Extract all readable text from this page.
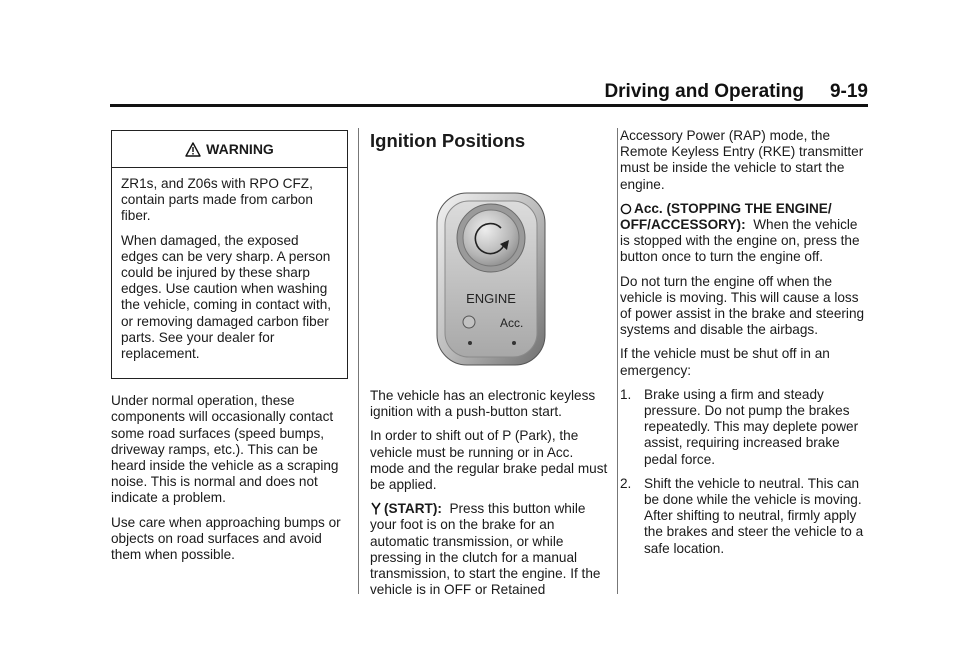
Driving and Operating 9-19
WARNING

ZR1s, and Z06s with RPO CFZ, contain parts made from carbon fiber.

When damaged, the exposed edges can be very sharp. A person could be injured by these sharp edges. Use caution when washing the vehicle, coming in contact with, or removing damaged carbon fiber parts. See your dealer for replacement.

Under normal operation, these components will occasionally contact some road surfaces (speed bumps, driveway ramps, etc.). This can be heard inside the vehicle as a scraping noise. This is normal and does not indicate a problem.

Use care when approaching bumps or objects on road surfaces and avoid them when possible.

Ignition Positions
ENGINE
Acc.

The vehicle has an electronic keyless ignition with a push-button start.

In order to shift out of P (Park), the vehicle must be running or in Acc. mode and the regular brake pedal must be applied.

(START): Press this button while your foot is on the brake for an automatic transmission, or while pressing in the clutch for a manual transmission, to start the engine. If the vehicle is in OFF or Retained

Accessory Power (RAP) mode, the Remote Keyless Entry (RKE) transmitter must be inside the vehicle to start the engine.

Acc. (STOPPING THE ENGINE/ OFF/ACCESSORY): When the vehicle is stopped with the engine on, press the button once to turn the engine off.

Do not turn the engine off when the vehicle is moving. This will cause a loss of power assist in the brake and steering systems and disable the airbags.

If the vehicle must be shut off in an emergency:

1. Brake using a firm and steady pressure. Do not pump the brakes repeatedly. This may deplete power assist, requiring increased brake pedal force.
2. Shift the vehicle to neutral. This can be done while the vehicle is moving. After shifting to neutral, firmly apply the brakes and steer the vehicle to a safe location.
